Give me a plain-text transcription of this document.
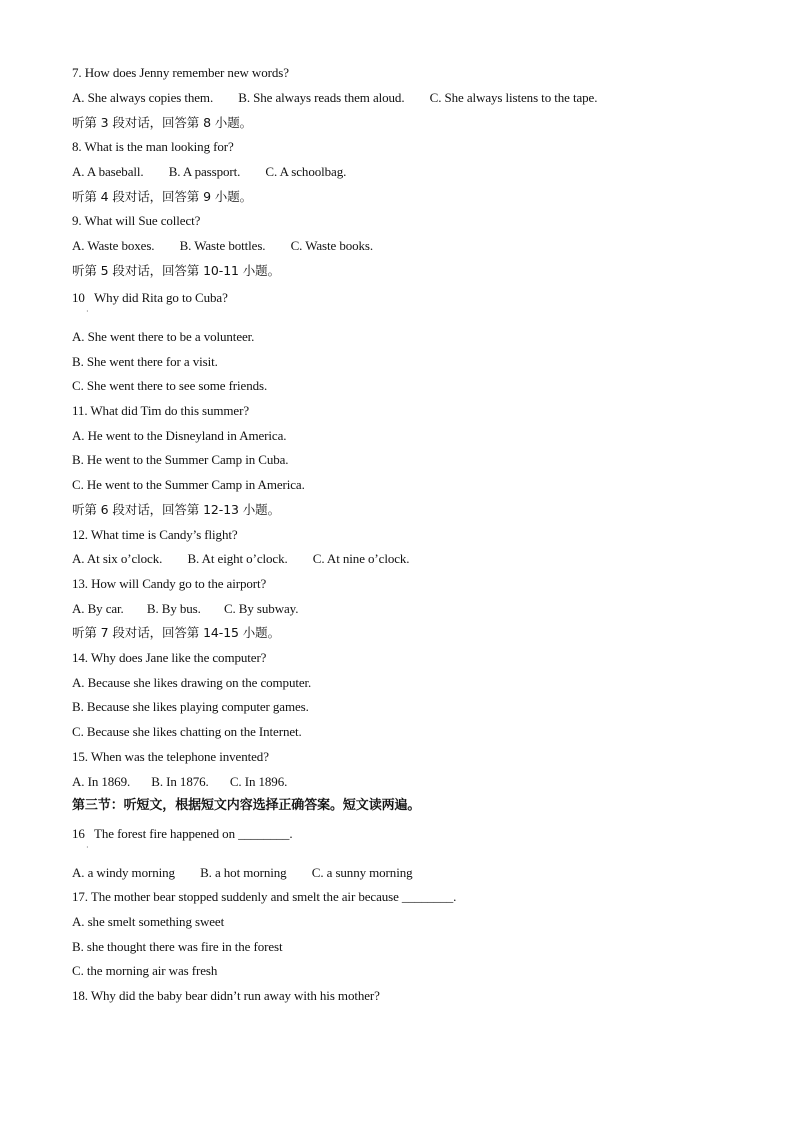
7. How does Jenny remember new words?
A. She always copies them. B. She always reads them aloud. C. She always listens to the tape.
听第 3 段对话，回答第 8 小题。
8. What is the man looking for?
A. A baseball. B. A passport. C. A schoolbag.
听第 4 段对话，回答第 9 小题。
9. What will Sue collect?
A. Waste boxes. B. Waste bottles. C. Waste books.
听第 5 段对话，回答第 10-11 小题。
10   Why did Rita go to Cuba?
·
A. She went there to be a volunteer.
B. She went there for a visit.
C. She went there to see some friends.
11. What did Tim do this summer?
A. He went to the Disneyland in America.
B. He went to the Summer Camp in Cuba.
C. He went to the Summer Camp in America.
听第 6 段对话，回答第 12-13 小题。
12. What time is Candy’s flight?
A. At six o’clock. B. At eight o’clock. C. At nine o’clock.
13. How will Candy go to the airport?
A. By car. B. By bus. C. By subway.
听第 7 段对话，回答第 14-15 小题。
14. Why does Jane like the computer?
A. Because she likes drawing on the computer.
B. Because she likes playing computer games.
C. Because she likes chatting on the Internet.
15. When was the telephone invented?
A. In 1869. B. In 1876. C. In 1896.
第三节：听短文，根据短文内容选择正确答案。短文读两遍。
16   The forest fire happened on ________.
·
A. a windy morning B. a hot morning C. a sunny morning
17. The mother bear stopped suddenly and smelt the air because ________.
A. she smelt something sweet
B. she thought there was fire in the forest
C. the morning air was fresh
18. Why did the baby bear didn’t run away with his mother?
